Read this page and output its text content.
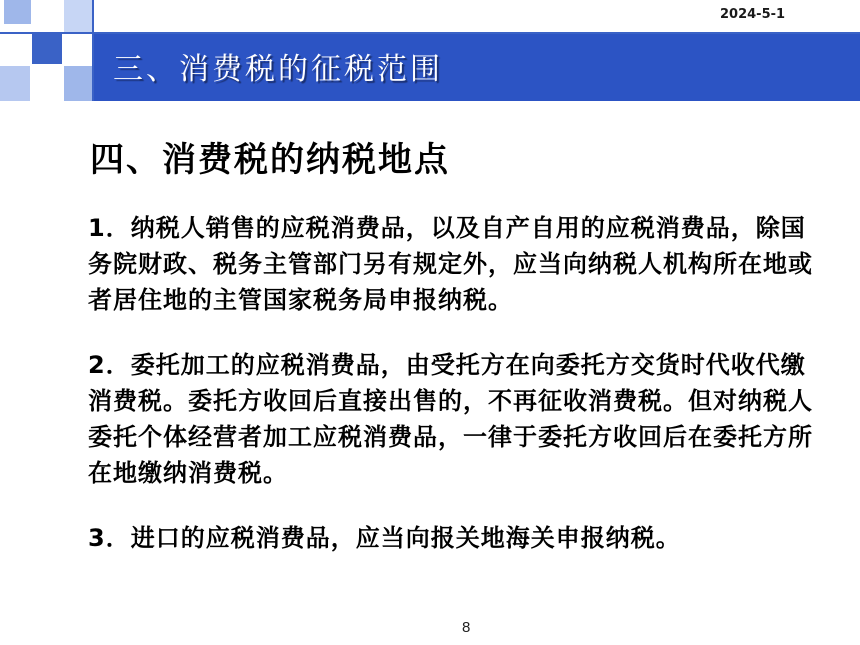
2024-5-1
三、消费税的征税范围
四、消费税的纳税地点
1．纳税人销售的应税消费品，以及自产自用的应税消费品，除国务院财政、税务主管部门另有规定外，应当向纳税人机构所在地或者居住地的主管国家税务局申报纳税。
2．委托加工的应税消费品，由受托方在向委托方交货时代收代缴消费税。委托方收回后直接出售的，不再征收消费税。但对纳税人委托个体经营者加工应税消费品，一律于委托方收回后在委托方所在地缴纳消费税。
3．进口的应税消费品，应当向报关地海关申报纳税。
8
